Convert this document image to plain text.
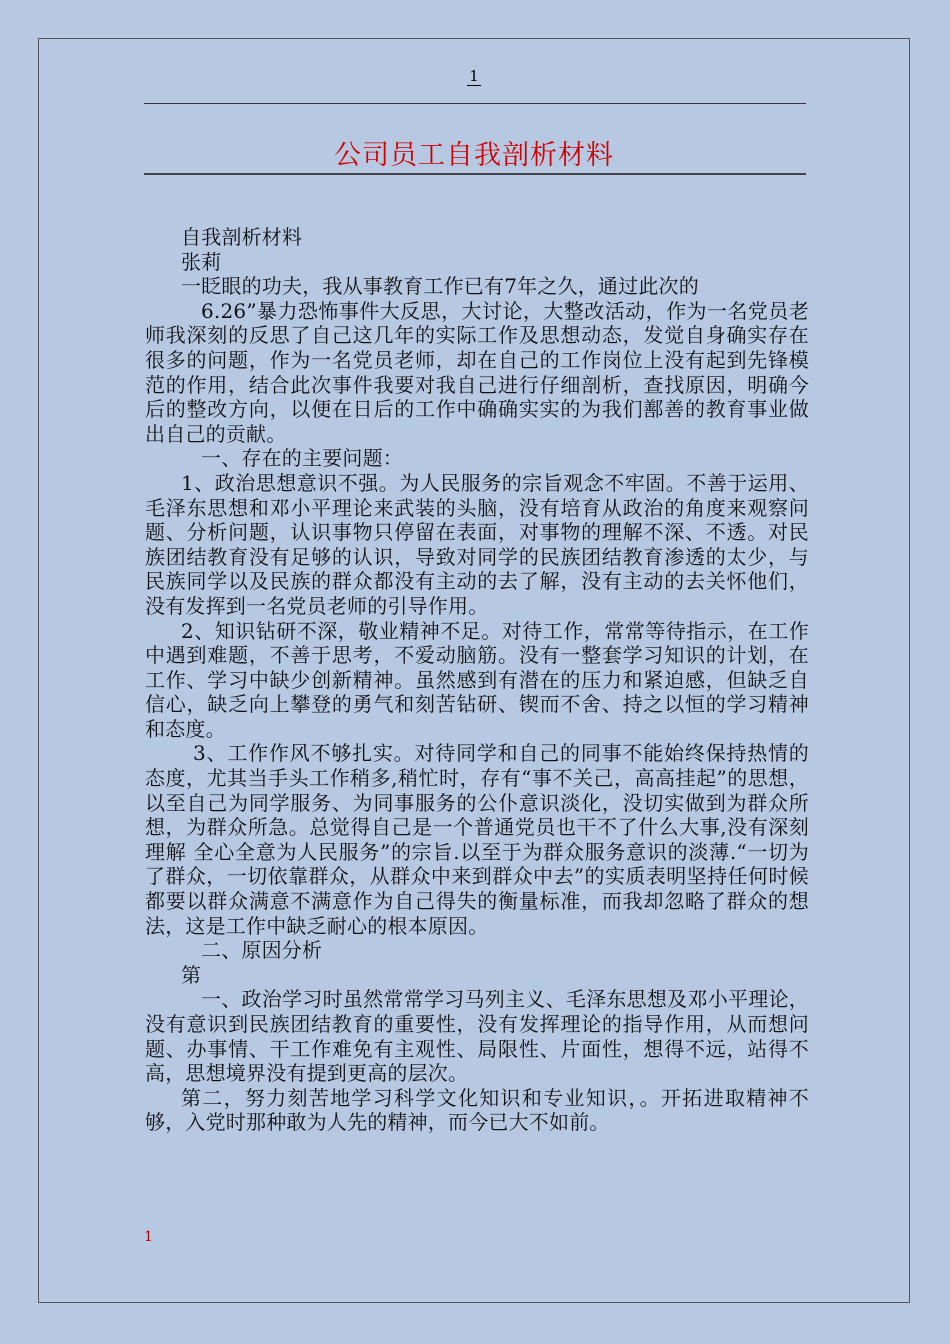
1
公司员工自我剖析材料

自我剖析材料

张莉

一眨眼的功夫，我从事教育工作已有7年之久，通过此次的

6.26”暴力恐怖事件大反思，大讨论，大整改活动，作为一名党员老师我深刻的反思了自己这几年的实际工作及思想动态，发觉自身确实存在很多的问题，作为一名党员老师，却在自己的工作岗位上没有起到先锋模范的作用，结合此次事件我要对我自己进行仔细剖析，查找原因，明确今后的整改方向，以便在日后的工作中确确实实的为我们鄯善的教育事业做出自己的贡献。

一、存在的主要问题：

1、政治思想意识不强。为人民服务的宗旨观念不牢固。不善于运用、毛泽东思想和邓小平理论来武装的头脑，没有培育从政治的角度来观察问题、分析问题，认识事物只停留在表面，对事物的理解不深、不透。对民族团结教育没有足够的认识，导致对同学的民族团结教育渗透的太少，与民族同学以及民族的群众都没有主动的去了解，没有主动的去关怀他们，没有发挥到一名党员老师的引导作用。

2、知识钻研不深，敬业精神不足。对待工作，常常等待指示，在工作中遇到难题，不善于思考，不爱动脑筋。没有一整套学习知识的计划，在工作、学习中缺少创新精神。虽然感到有潜在的压力和紧迫感，但缺乏自信心，缺乏向上攀登的勇气和刻苦钻研、锲而不舍、持之以恒的学习精神和态度。

3、工作作风不够扎实。对待同学和自己的同事不能始终保持热情的态度，尤其当手头工作稍多,稍忙时，存有“事不关己，高高挂起”的思想，以至自己为同学服务、为同事服务的公仆意识淡化，没切实做到为群众所想，为群众所急。总觉得自己是一个普通党员也干不了什么大事,没有深刻理解 全心全意为人民服务”的宗旨.以至于为群众服务意识的淡薄.“一切为了群众，一切依靠群众，从群众中来到群众中去”的实质表明坚持任何时候都要以群众满意不满意作为自己得失的衡量标准，而我却忽略了群众的想法，这是工作中缺乏耐心的根本原因。

二、原因分析

第

一、政治学习时虽然常常学习马列主义、毛泽东思想及邓小平理论，没有意识到民族团结教育的重要性，没有发挥理论的指导作用，从而想问题、办事情、干工作难免有主观性、局限性、片面性，想得不远，站得不高，思想境界没有提到更高的层次。

第二，努力刻苦地学习科学文化知识和专业知识，。开拓进取精神不够，入党时那种敢为人先的精神，而今已大不如前。

1
